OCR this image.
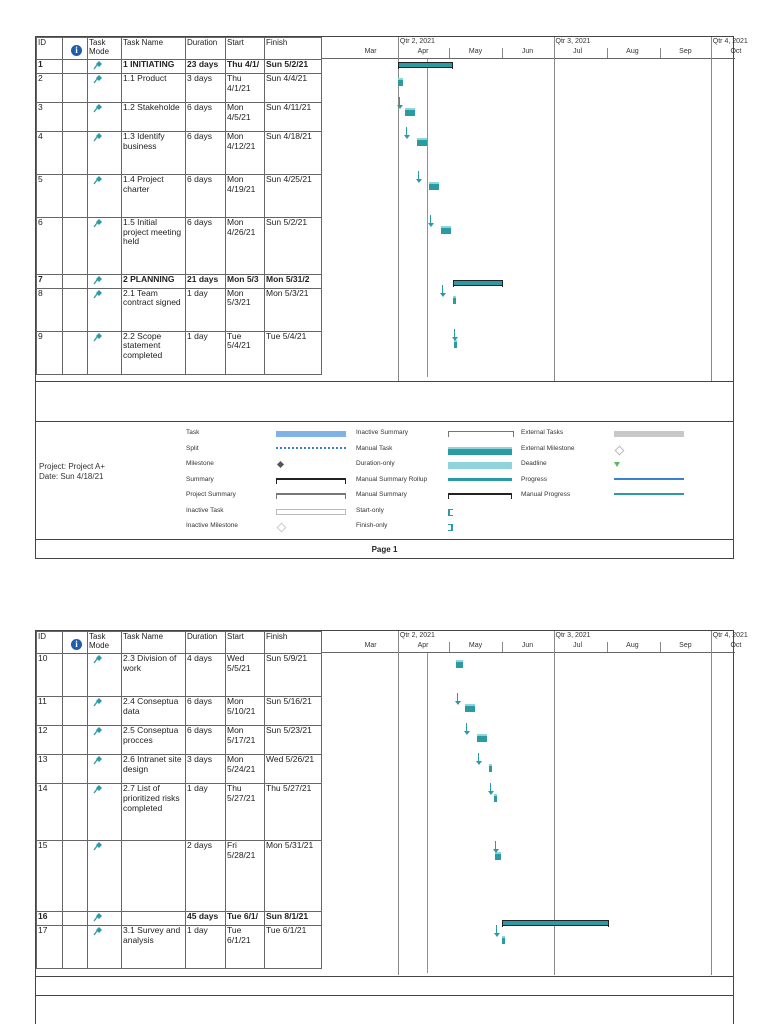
ID	i	Task Mode	Task Name	Duration	Start	Finish
1			1 INITIATING	23 days	Thu 4/1/	Sun 5/2/21
2			1.1 Product	3 days	Thu 4/1/21	Sun 4/4/21
3			1.2 Stakeholde	6 days	Mon 4/5/21	Sun 4/11/21
4			1.3 Identify business	6 days	Mon 4/12/21	Sun 4/18/21
5			1.4 Project charter	6 days	Mon 4/19/21	Sun 4/25/21
6			1.5 Initial project meeting held	6 days	Mon 4/26/21	Sun 5/2/21
7			2 PLANNING	21 days	Mon 5/3	Mon 5/31/2
8			2.1 Team contract signed	1 day	Mon 5/3/21	Mon 5/3/21
9			2.2 Scope statement completed	1 day	Tue 5/4/21	Tue 5/4/21
Qtr 2, 2021	Qtr 3, 2021	Qtr 4, 2021
Mar	Apr	May	Jun	Jul	Aug	Sep	Oct
Project: Project A+
Date: Sun 4/18/21
Task
Split
Milestone
Summary
Project Summary
Inactive Task
Inactive Milestone
Inactive Summary
Manual Task
Duration-only
Manual Summary Rollup
Manual Summary
Start-only
Finish-only
External Tasks
External Milestone
Deadline
Progress
Manual Progress
Page 1
ID	i	Task Mode	Task Name	Duration	Start	Finish
10			2.3 Division of work	4 days	Wed 5/5/21	Sun 5/9/21
11			2.4 Conseptua data	6 days	Mon 5/10/21	Sun 5/16/21
12			2.5 Conseptua procces	6 days	Mon 5/17/21	Sun 5/23/21
13			2.6 Intranet site design	3 days	Mon 5/24/21	Wed 5/26/21
14			2.7 List of prioritized risks completed	1 day	Thu 5/27/21	Thu 5/27/21
15				2 days	Fri 5/28/21	Mon 5/31/21
16				45 days	Tue 6/1/	Sun 8/1/21
17			3.1 Survey and analysis	1 day	Tue 6/1/21	Tue 6/1/21
Qtr 2, 2021	Qtr 3, 2021	Qtr 4, 2021
Mar	Apr	May	Jun	Jul	Aug	Sep	Oct
